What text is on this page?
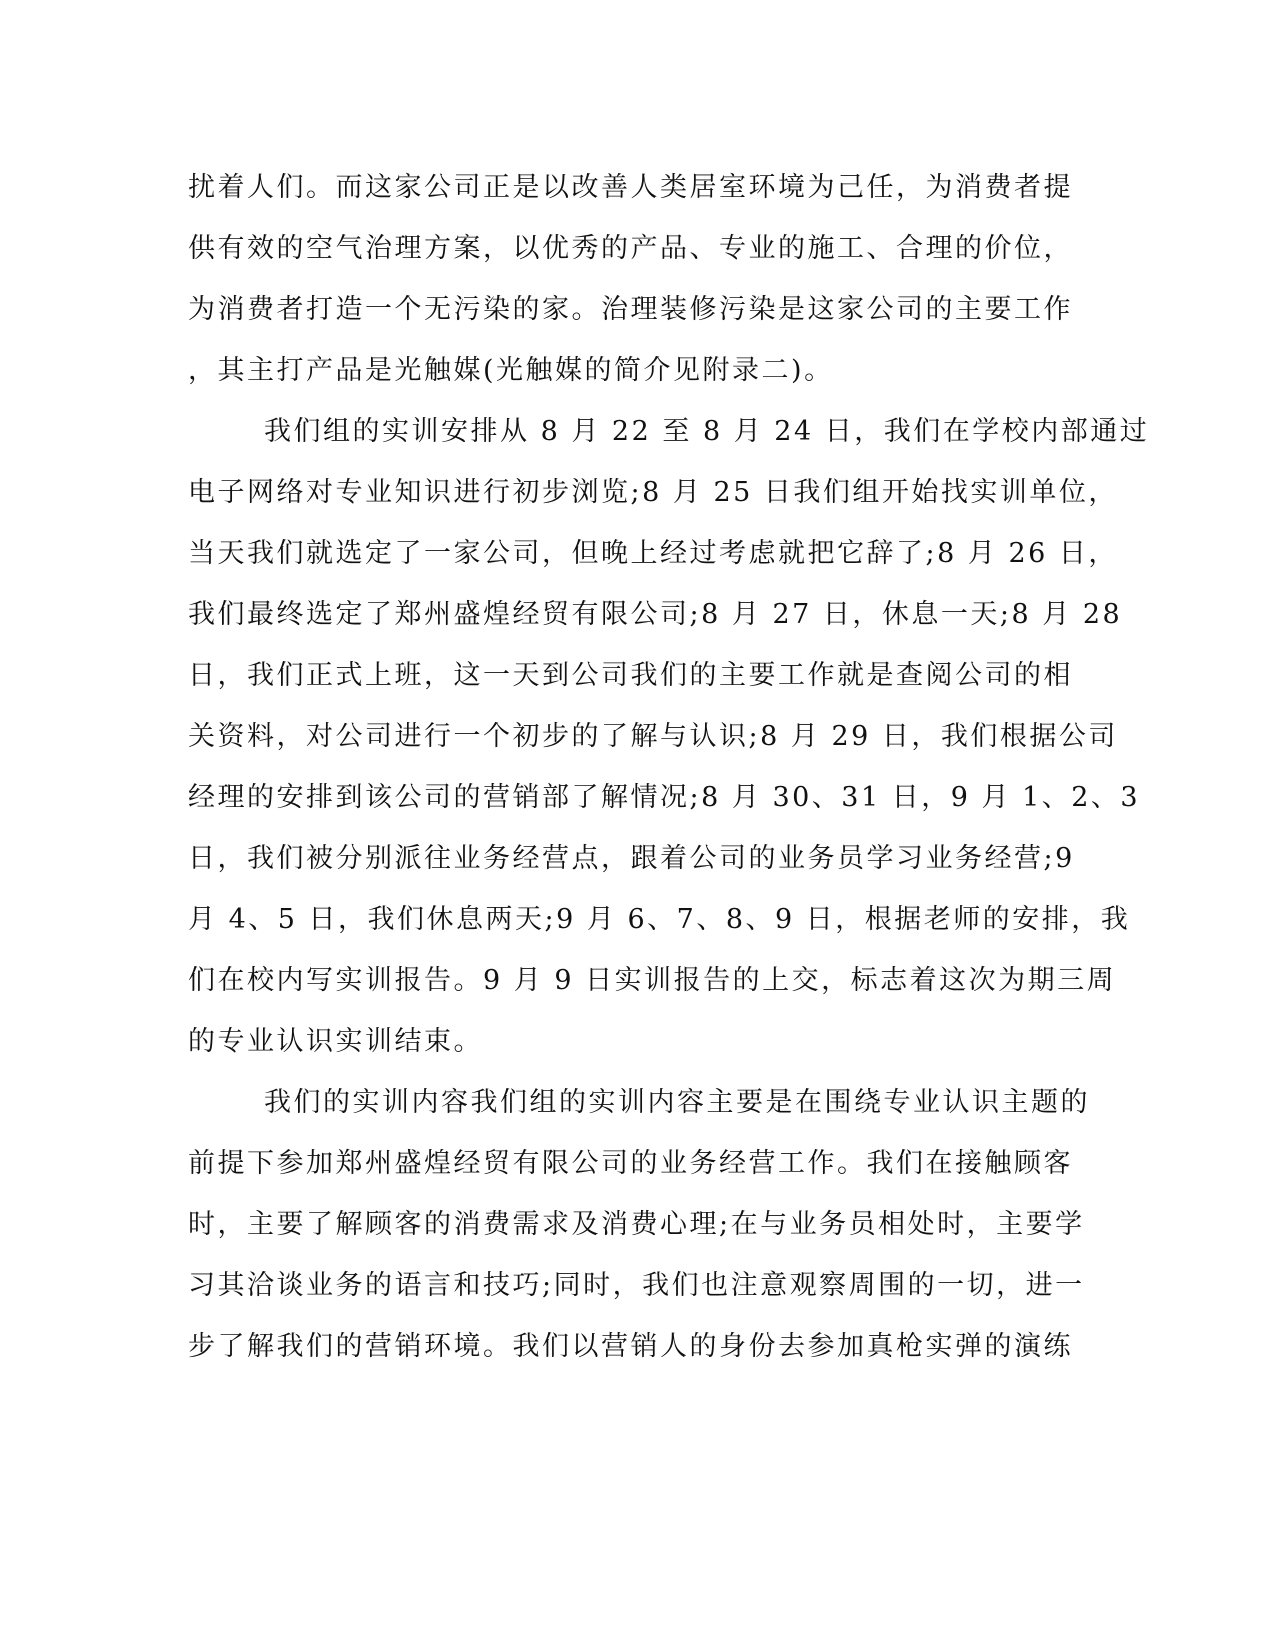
扰着人们。而这家公司正是以改善人类居室环境为己任，为消费者提
供有效的空气治理方案，以优秀的产品、专业的施工、合理的价位，
为消费者打造一个无污染的家。治理装修污染是这家公司的主要工作
，其主打产品是光触媒(光触媒的简介见附录二)。
我们组的实训安排从 8 月 22 至 8 月 24 日，我们在学校内部通过
电子网络对专业知识进行初步浏览;8 月 25 日我们组开始找实训单位，
当天我们就选定了一家公司，但晚上经过考虑就把它辞了;8 月 26 日，
我们最终选定了郑州盛煌经贸有限公司;8 月 27 日，休息一天;8 月 28
日，我们正式上班，这一天到公司我们的主要工作就是查阅公司的相
关资料，对公司进行一个初步的了解与认识;8 月 29 日，我们根据公司
经理的安排到该公司的营销部了解情况;8 月 30、31 日，9 月 1、2、3
日，我们被分别派往业务经营点，跟着公司的业务员学习业务经营;9
月 4、5 日，我们休息两天;9 月 6、7、8、9 日，根据老师的安排，我
们在校内写实训报告。9 月 9 日实训报告的上交，标志着这次为期三周
的专业认识实训结束。
我们的实训内容我们组的实训内容主要是在围绕专业认识主题的
前提下参加郑州盛煌经贸有限公司的业务经营工作。我们在接触顾客
时，主要了解顾客的消费需求及消费心理;在与业务员相处时，主要学
习其洽谈业务的语言和技巧;同时，我们也注意观察周围的一切，进一
步了解我们的营销环境。我们以营销人的身份去参加真枪实弹的演练
